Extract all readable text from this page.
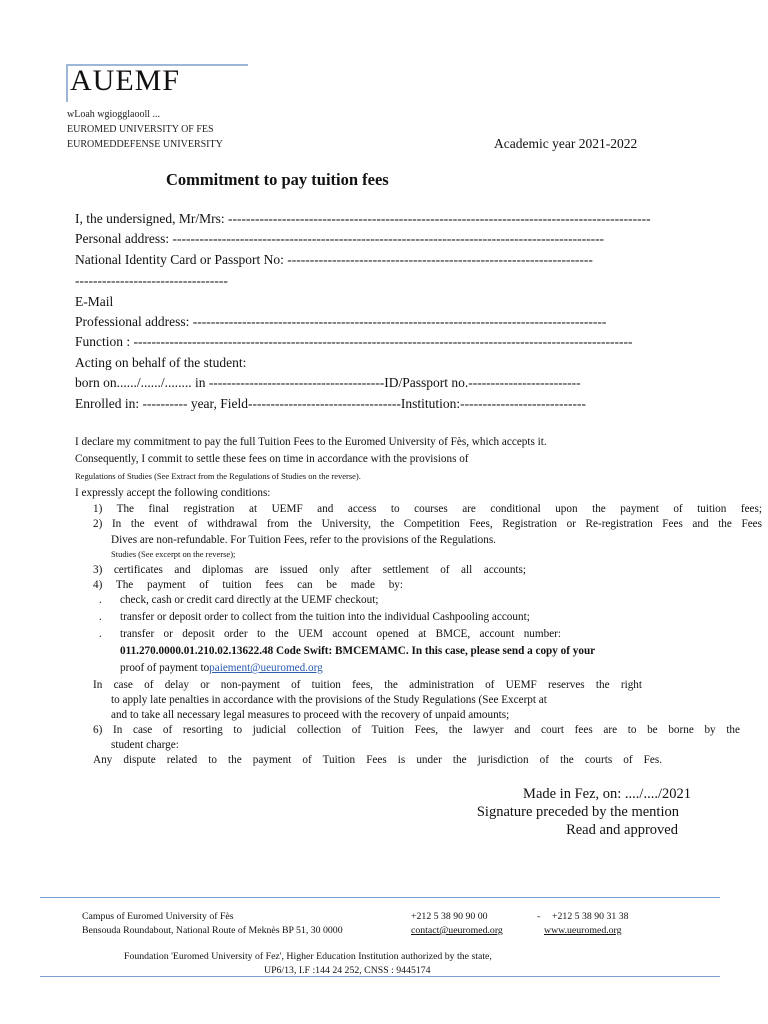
AUEMF
wLoah wgiogglaooll ...
EUROMED UNIVERSITY OF FES
EUROMEDDEFENSE UNIVERSITY	Academic year 2021-2022
Commitment to pay tuition fees
I, the undersigned, Mr/Mrs: ----------------------------------------------------------------------------------------------
Personal address: ------------------------------------------------------------------------------------------------
National Identity Card or Passport No: --------------------------------------------------------------------
----------------------------------
E-Mail
Professional address: --------------------------------------------------------------------------------------------
Function : ---------------------------------------------------------------------------------------------------------------
Acting on behalf of the student:
born on....../....../........ in ---------------------------------------ID/Passport no.-------------------------
Enrolled in: ---------- year, Field----------------------------------Institution:----------------------------
I declare my commitment to pay the full Tuition Fees to the Euromed University of Fès, which accepts it.
Consequently, I commit to settle these fees on time in accordance with the provisions of
Regulations of Studies (See Extract from the Regulations of Studies on the reverse).
I expressly accept the following conditions:
1) The final registration at UEMF and access to courses are conditional upon the payment of tuition fees;
2) In the event of withdrawal from the University, the Competition Fees, Registration or Re-registration Fees and the Fees
Dives are non-refundable. For Tuition Fees, refer to the provisions of the Regulations.
Studies (See excerpt on the reverse);
3) certificates and diplomas are issued only after settlement of all accounts;
4) The payment of tuition fees can be made by:
. check, cash or credit card directly at the UEMF checkout;
. transfer or deposit order to collect from the tuition into the individual Cashpooling account;
. transfer or deposit order to the UEM account opened at BMCE, account number:
011.270.0000.01.210.02.13622.48 Code Swift: BMCEMAMC. In this case, please send a copy of your
proof of payment topaiement@ueuromed.org
In case of delay or non-payment of tuition fees, the administration of UEMF reserves the right
to apply late penalties in accordance with the provisions of the Study Regulations (See Excerpt at
and to take all necessary legal measures to proceed with the recovery of unpaid amounts;
6) In case of resorting to judicial collection of Tuition Fees, the lawyer and court fees are to be borne by the
student charge:
Any dispute related to the payment of Tuition Fees is under the jurisdiction of the courts of Fes.
Made in Fez, on: ..../..../2021
Signature preceded by the mention
Read and approved
Campus of Euromed University of Fès
Bensouda Roundabout, National Route of Meknès BP 51, 30 0000
+212 5 38 90 90 00	- +212 5 38 90 31 38
contact@ueuromed.org	www.ueuromed.org
Foundation 'Euromed University of Fez', Higher Education Institution authorized by the state,
UP6/13, I.F :144 24 252, CNSS : 9445174
